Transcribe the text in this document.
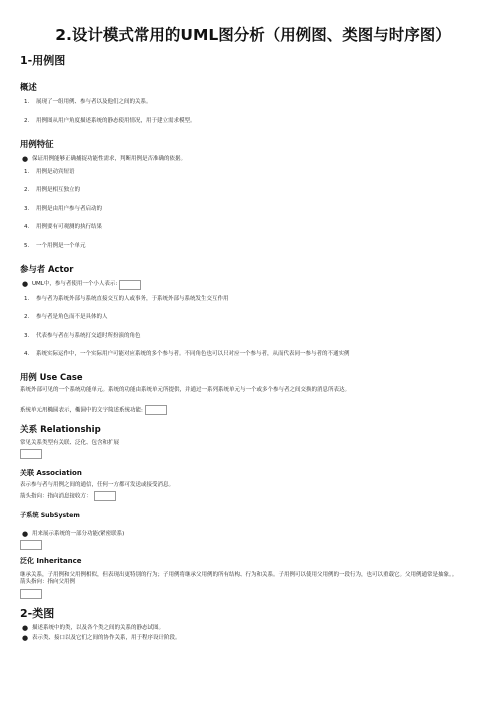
2.设计模式常用的UML图分析（用例图、类图与时序图）
1-用例图
概述
1.	展现了一组用例、参与者以及他们之间的关系。
2.	用例图从用户角度描述系统的静态使用情况，用于建立需求模型。
用例特征
● 保证用例能够正确捕捉功能性需求，判断用例是否准确的依据。
1.	用例是动宾短语
2.	用例是相互独立的
3.	用例是由用户参与者启动的
4.	用例要有可观测的执行结果
5.	一个用例是一个单元
参与者 Actor
● UML中，参与者使用一个小人表示:
1.	参与者为系统外部与系统直接交互的人或事务，于系统外部与系统发生交互作用
2.	参与者是角色而不是具体的人
3.	代表参与者在与系统打交道时所扮演的角色
4.	系统实际运作中，一个实际用户可能对应系统的多个参与者。不同角色也可以只对应一个参与者，从而代表同一参与者的不通实例
用例 Use Case
系统外部可见的一个系统功能单元。系统的功能由系统单元所提供，并通过一系列系统单元与一个或多个参与者之间交换的消息所表达。
系统单元用椭圆表示，椭圆中的文字简述系统功能:
关系 Relationship
常见关系类型有关联、泛化、包含和扩展
关联 Association
表示参与者与用例之间的通信，任何一方都可发送或接受消息。
箭头指向：指向消息接收方：
子系统 SubSystem
● 用来展示系统的一部分功能(紧密联系)
泛化 Inheritance
继承关系，子用例和父用例相似，但表现出更特别的行为；子用例将继承父用例的所有结构、行为和关系。子用例可以使用父用例的一段行为，也可以重载它。父用例通常是抽象。。
箭头指向：指向父用例
2-类图
● 描述系统中的类，以及各个类之间的关系的静态试图。
● 表示类、接口以及它们之间的协作关系，用于程序设计阶段。
